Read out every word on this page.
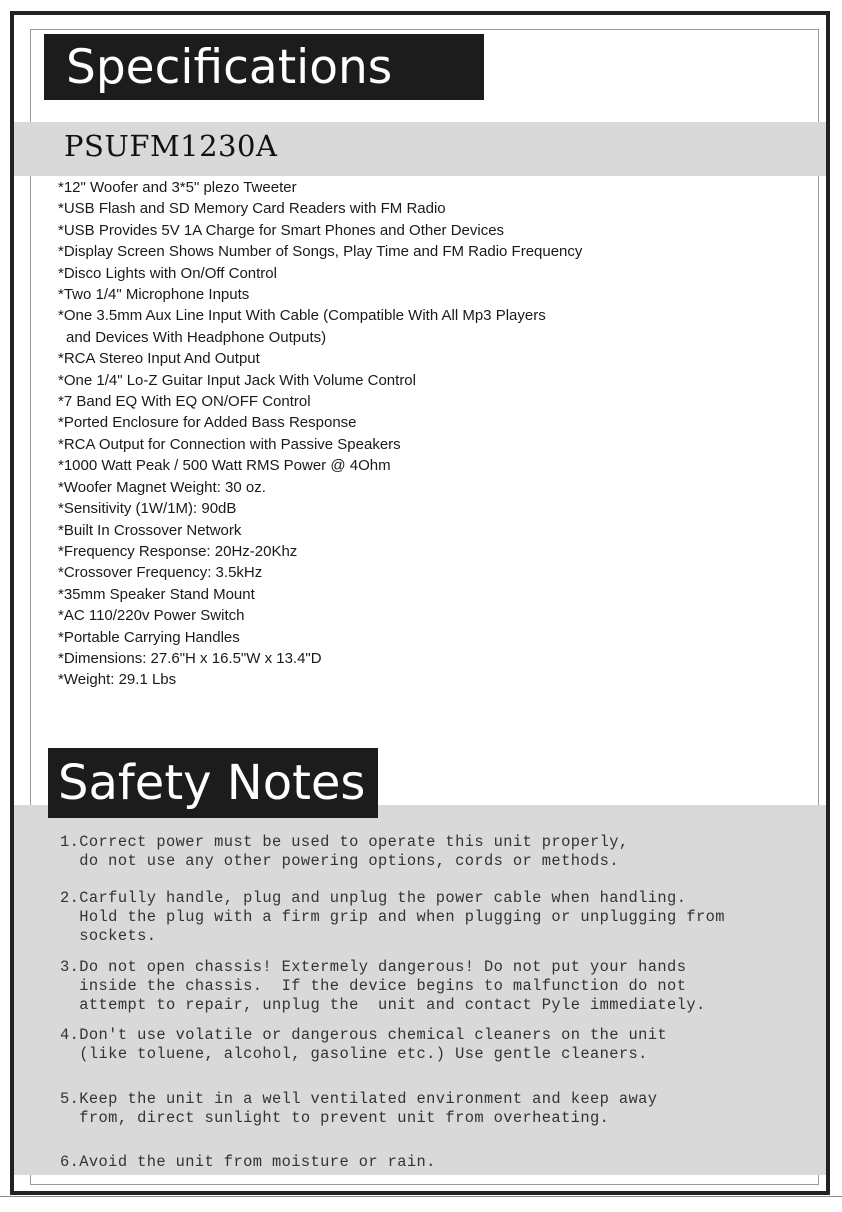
Specifications
PSUFM1230A
*12" Woofer and 3*5" plezo Tweeter
*USB Flash and SD Memory Card Readers with FM Radio
*USB Provides 5V 1A Charge for Smart Phones and Other Devices
*Display Screen Shows Number of Songs, Play Time and FM Radio Frequency
*Disco Lights with On/Off Control
*Two 1/4" Microphone Inputs
*One 3.5mm Aux Line Input With Cable (Compatible With All Mp3 Players
and Devices With Headphone Outputs)
*RCA Stereo Input And Output
*One 1/4" Lo-Z Guitar Input Jack With Volume Control
*7 Band EQ With EQ ON/OFF Control
*Ported Enclosure for Added Bass Response
*RCA Output for Connection with Passive Speakers
*1000 Watt Peak / 500 Watt RMS Power @ 4Ohm
*Woofer Magnet Weight: 30 oz.
*Sensitivity (1W/1M): 90dB
*Built In Crossover Network
*Frequency Response: 20Hz-20Khz
*Crossover Frequency: 3.5kHz
*35mm Speaker Stand Mount
*AC 110/220v Power Switch
*Portable Carrying Handles
*Dimensions: 27.6"H x 16.5"W x 13.4"D
*Weight: 29.1 Lbs
Safety Notes
1.Correct power must be used to operate this unit properly,
do not use any other powering options, cords or methods.
2.Carfully handle, plug and unplug the power cable when handling.
Hold the plug with a firm grip and when plugging or unplugging from
sockets.
3.Do not open chassis! Extermely dangerous! Do not put your hands
inside the chassis.  If the device begins to malfunction do not
attempt to repair, unplug the  unit and contact Pyle immediately.
4.Don't use volatile or dangerous chemical cleaners on the unit
(like toluene, alcohol, gasoline etc.) Use gentle cleaners.
5.Keep the unit in a well ventilated environment and keep away
from, direct sunlight to prevent unit from overheating.
6.Avoid the unit from moisture or rain.
